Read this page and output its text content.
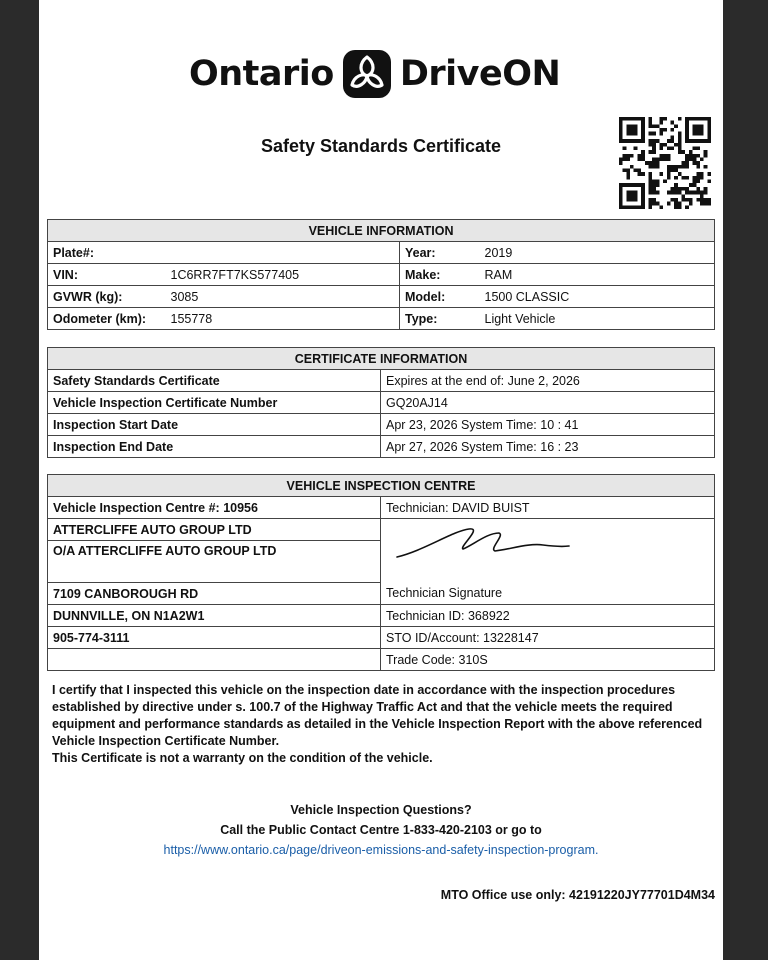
Ontario DriveON
Safety Standards Certificate
VEHICLE INFORMATION			
Plate#:		Year:	2019
VIN:	1C6RR7FT7KS577405	Make:	RAM
GVWR (kg):	3085	Model:	1500 CLASSIC
Odometer (km):	155778	Type:	Light Vehicle
CERTIFICATE INFORMATION	
Safety Standards Certificate	Expires at the end of: June 2, 2026
Vehicle Inspection Certificate Number	GQ20AJ14
Inspection Start Date	Apr 23, 2026 System Time: 10 : 41
Inspection End Date	Apr 27, 2026 System Time: 16 : 23
VEHICLE INSPECTION CENTRE	
Vehicle Inspection Centre #: 10956	Technician: DAVID BUIST
ATTERCLIFFE AUTO GROUP LTD	

O/A ATTERCLIFFE AUTO GROUP LTD	
7109 CANBOROUGH RD	Technician Signature
DUNNVILLE, ON N1A2W1	Technician ID: 368922
905-774-3111	STO ID/Account: 13228147
	Trade Code: 310S

I certify that I inspected this vehicle on the inspection date in accordance with the inspection procedures established by directive under s. 100.7 of the Highway Traffic Act and that the vehicle meets the required equipment and performance standards as detailed in the Vehicle Inspection Report with the above referenced Vehicle Inspection Certificate Number.

This Certificate is not a warranty on the condition of the vehicle.

Vehicle Inspection Questions?
Call the Public Contact Centre 1-833-420-2103 or go to
https://www.ontario.ca/page/driveon-emissions-and-safety-inspection-program.
MTO Office use only: 42191220JY77701D4M34
